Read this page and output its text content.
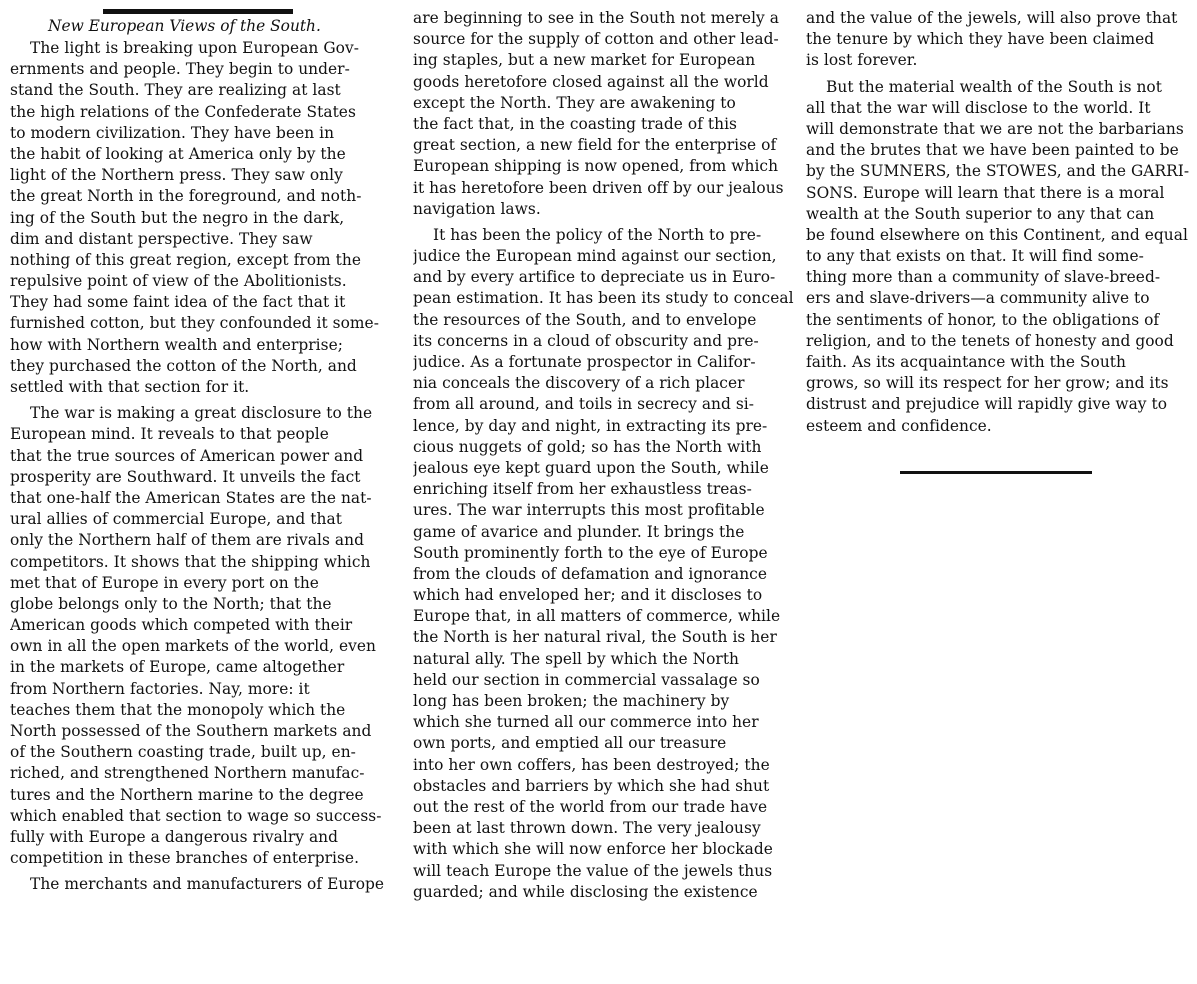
New European Views of the South.
The light is breaking upon European Gov-
ernments and people. They begin to under-
stand the South. They are realizing at last
the high relations of the Confederate States
to modern civilization. They have been in
the habit of looking at America only by the
light of the Northern press. They saw only
the great North in the foreground, and noth-
ing of the South but the negro in the dark,
dim and distant perspective. They saw
nothing of this great region, except from the
repulsive point of view of the Abolitionists.
They had some faint idea of the fact that it
furnished cotton, but they confounded it some-
how with Northern wealth and enterprise;
they purchased the cotton of the North, and
settled with that section for it.
The war is making a great disclosure to the
European mind. It reveals to that people
that the true sources of American power and
prosperity are Southward. It unveils the fact
that one-half the American States are the nat-
ural allies of commercial Europe, and that
only the Northern half of them are rivals and
competitors. It shows that the shipping which
met that of Europe in every port on the
globe belongs only to the North; that the
American goods which competed with their
own in all the open markets of the world, even
in the markets of Europe, came altogether
from Northern factories. Nay, more: it
teaches them that the monopoly which the
North possessed of the Southern markets and
of the Southern coasting trade, built up, en-
riched, and strengthened Northern manufac-
tures and the Northern marine to the degree
which enabled that section to wage so success-
fully with Europe a dangerous rivalry and
competition in these branches of enterprise.
The merchants and manufacturers of Europe
are beginning to see in the South not merely a
source for the supply of cotton and other lead-
ing staples, but a new market for European
goods heretofore closed against all the world
except the North. They are awakening to
the fact that, in the coasting trade of this
great section, a new field for the enterprise of
European shipping is now opened, from which
it has heretofore been driven off by our jealous
navigation laws.
It has been the policy of the North to pre-
judice the European mind against our section,
and by every artifice to depreciate us in Euro-
pean estimation. It has been its study to conceal
the resources of the South, and to envelope
its concerns in a cloud of obscurity and pre-
judice. As a fortunate prospector in Califor-
nia conceals the discovery of a rich placer
from all around, and toils in secrecy and si-
lence, by day and night, in extracting its pre-
cious nuggets of gold; so has the North with
jealous eye kept guard upon the South, while
enriching itself from her exhaustless treas-
ures. The war interrupts this most profitable
game of avarice and plunder. It brings the
South prominently forth to the eye of Europe
from the clouds of defamation and ignorance
which had enveloped her; and it discloses to
Europe that, in all matters of commerce, while
the North is her natural rival, the South is her
natural ally. The spell by which the North
held our section in commercial vassalage so
long has been broken; the machinery by
which she turned all our commerce into her
own ports, and emptied all our treasure
into her own coffers, has been destroyed; the
obstacles and barriers by which she had shut
out the rest of the world from our trade have
been at last thrown down. The very jealousy
with which she will now enforce her blockade
will teach Europe the value of the jewels thus
guarded; and while disclosing the existence
and the value of the jewels, will also prove that
the tenure by which they have been claimed
is lost forever.
But the material wealth of the South is not
all that the war will disclose to the world. It
will demonstrate that we are not the barbarians
and the brutes that we have been painted to be
by the SUMNERS, the STOWES, and the GARRI-
SONS. Europe will learn that there is a moral
wealth at the South superior to any that can
be found elsewhere on this Continent, and equal
to any that exists on that. It will find some-
thing more than a community of slave-breed-
ers and slave-drivers—a community alive to
the sentiments of honor, to the obligations of
religion, and to the tenets of honesty and good
faith. As its acquaintance with the South
grows, so will its respect for her grow; and its
distrust and prejudice will rapidly give way to
esteem and confidence.
